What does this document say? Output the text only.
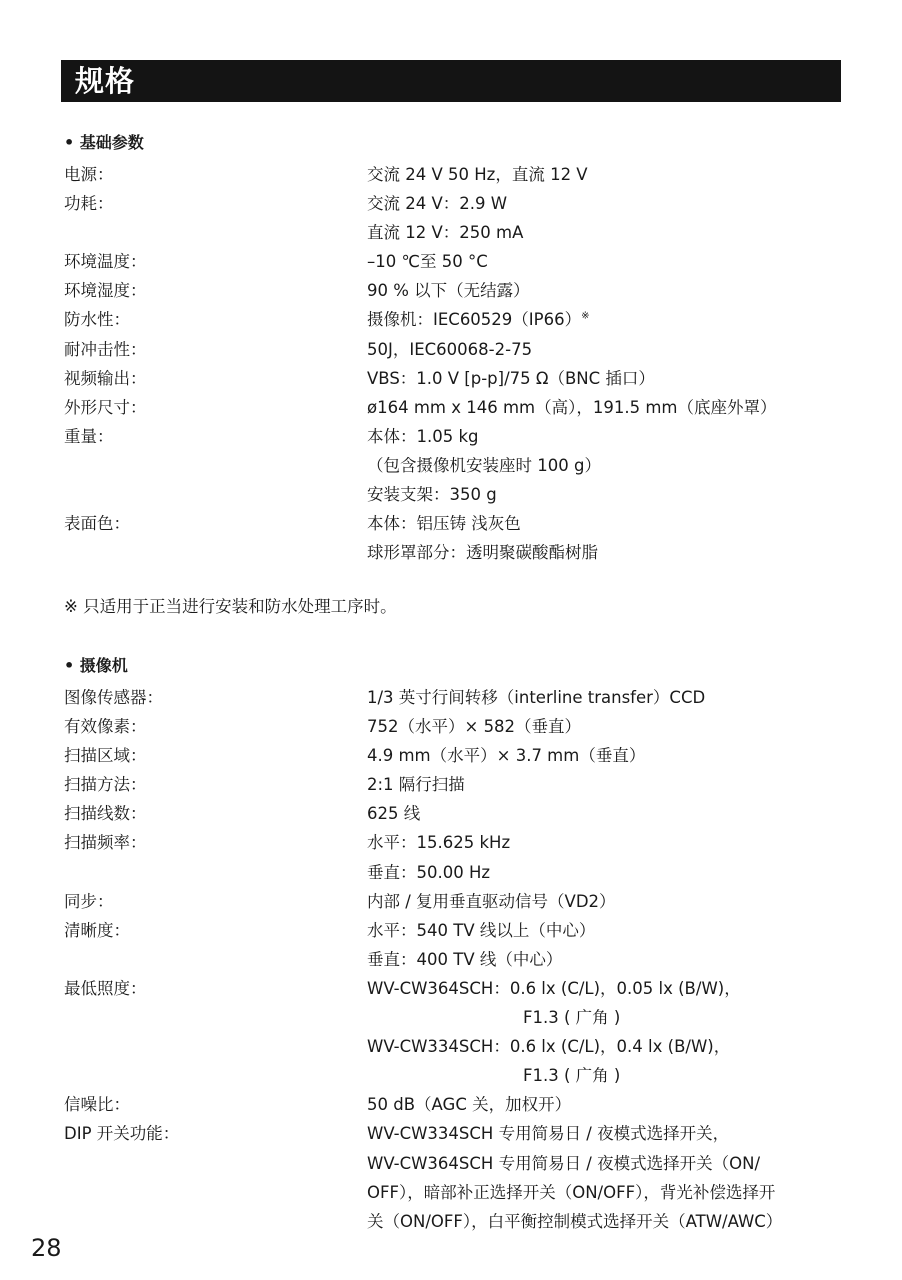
规格
• 基础参数
电源：	交流 24 V 50 Hz，直流 12 V
功耗：	交流 24 V：2.9 W
直流 12 V：250 mA
环境温度：	–10 ℃至 50 °C
环境湿度：	90 % 以下（无结露）
防水性：	摄像机：IEC60529（IP66）※
耐冲击性：	50J，IEC60068-2-75
视频输出：	VBS：1.0 V [p-p]/75 Ω（BNC 插口）
外形尺寸：	ø164 mm x 146 mm（高），191.5 mm（底座外罩）
重量：	本体：1.05 kg
（包含摄像机安装座时 100 g）
安装支架：350 g
表面色：	本体：铝压铸 浅灰色
球形罩部分：透明聚碳酸酯树脂
※ 只适用于正当进行安装和防水处理工序时。
• 摄像机
图像传感器：	1/3 英寸行间转移（interline transfer）CCD
有效像素：	752（水平）× 582（垂直）
扫描区域：	4.9 mm（水平）× 3.7 mm（垂直）
扫描方法：	2:1 隔行扫描
扫描线数：	625 线
扫描频率：	水平：15.625 kHz
垂直：50.00 Hz
同步：	内部 / 复用垂直驱动信号（VD2）
清晰度：	水平：540 TV 线以上（中心）
垂直：400 TV 线（中心）
最低照度：	WV-CW364SCH：0.6 lx (C/L)，0.05 lx (B/W)，
F1.3 ( 广角 )
WV-CW334SCH：0.6 lx (C/L)，0.4 lx (B/W)，
F1.3 ( 广角 )
信噪比：	50 dB（AGC 关，加权开）
DIP 开关功能：	WV-CW334SCH 专用简易日 / 夜模式选择开关，
WV-CW364SCH 专用简易日 / 夜模式选择开关（ON/
OFF），暗部补正选择开关（ON/OFF），背光补偿选择开
关（ON/OFF），白平衡控制模式选择开关（ATW/AWC）
28
